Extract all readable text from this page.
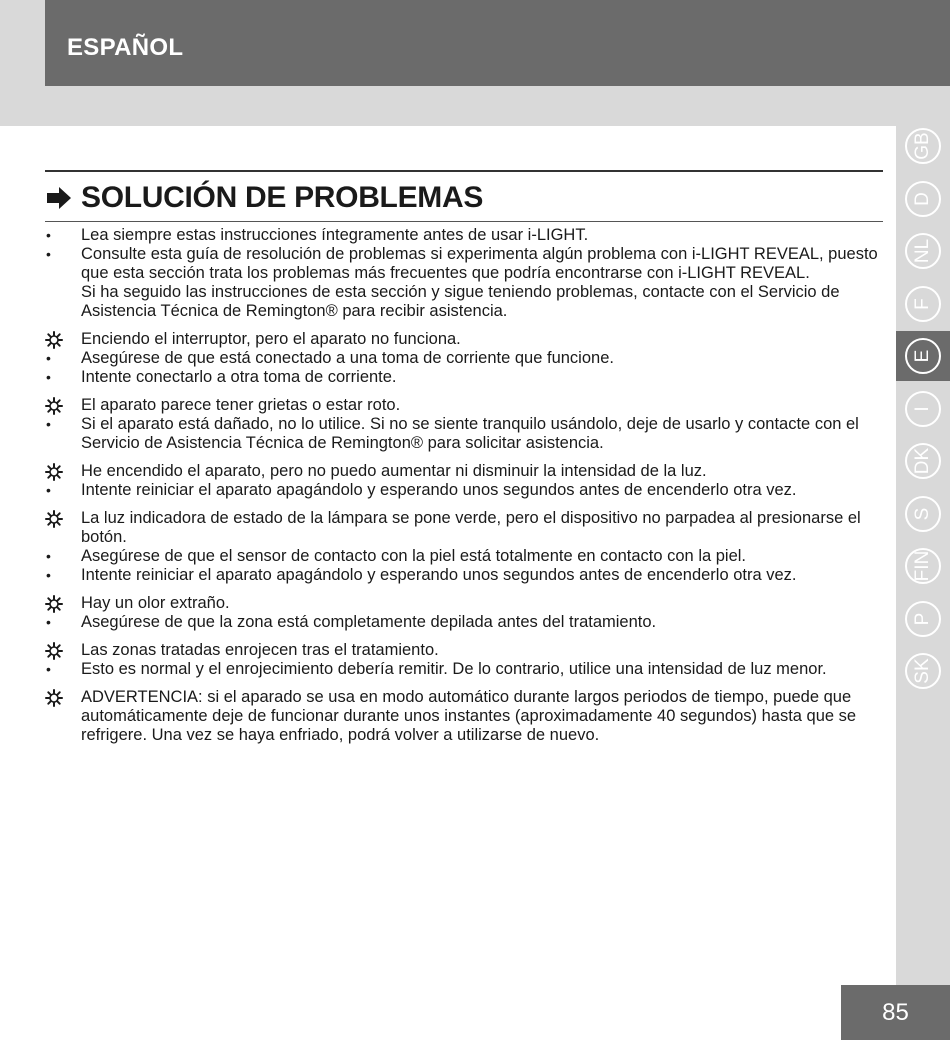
ESPAÑOL
GB
D
NL
F
E
I
DK
S
FIN
P
SK
85
SOLUCIÓN DE PROBLEMAS
•
Lea siempre estas instrucciones íntegramente antes de usar i-LIGHT.
•
Consulte esta guía de resolución de problemas si experimenta algún problema con i-LIGHT REVEAL, puesto que esta sección trata los problemas más frecuentes que podría encontrarse con i-LIGHT REVEAL.
Si ha seguido las instrucciones de esta sección y sigue teniendo problemas, contacte con el Servicio de Asistencia Técnica de Remington® para recibir asistencia.
Enciendo el interruptor, pero el aparato no funciona.
•
Asegúrese de que está conectado a una toma de corriente que funcione.
•
Intente conectarlo a otra toma de corriente.
El aparato parece tener grietas o estar roto.
•
Si el aparato está dañado, no lo utilice. Si no se siente tranquilo usándolo, deje de usarlo y contacte con el Servicio de Asistencia Técnica de Remington® para solicitar asistencia.
He encendido el aparato, pero no puedo aumentar ni disminuir la intensidad de la luz.
•
Intente reiniciar el aparato apagándolo y esperando unos segundos antes de encenderlo otra vez.
La luz indicadora de estado de la lámpara se pone verde, pero el dispositivo no parpadea al presionarse el botón.
•
Asegúrese de que el sensor de contacto con la piel está totalmente en contacto con la piel.
•
Intente reiniciar el aparato apagándolo y esperando unos segundos antes de encenderlo otra vez.
Hay un olor extraño.
•
Asegúrese de que la zona está completamente depilada antes del tratamiento.
Las zonas tratadas enrojecen tras el tratamiento.
•
Esto es normal y el enrojecimiento debería remitir. De lo contrario, utilice una intensidad de luz menor.
ADVERTENCIA: si el aparado se usa en modo automático durante largos periodos de tiempo, puede que automáticamente deje de funcionar durante unos instantes (aproximadamente 40 segundos) hasta que se refrigere. Una vez se haya enfriado, podrá volver a utilizarse de nuevo.
